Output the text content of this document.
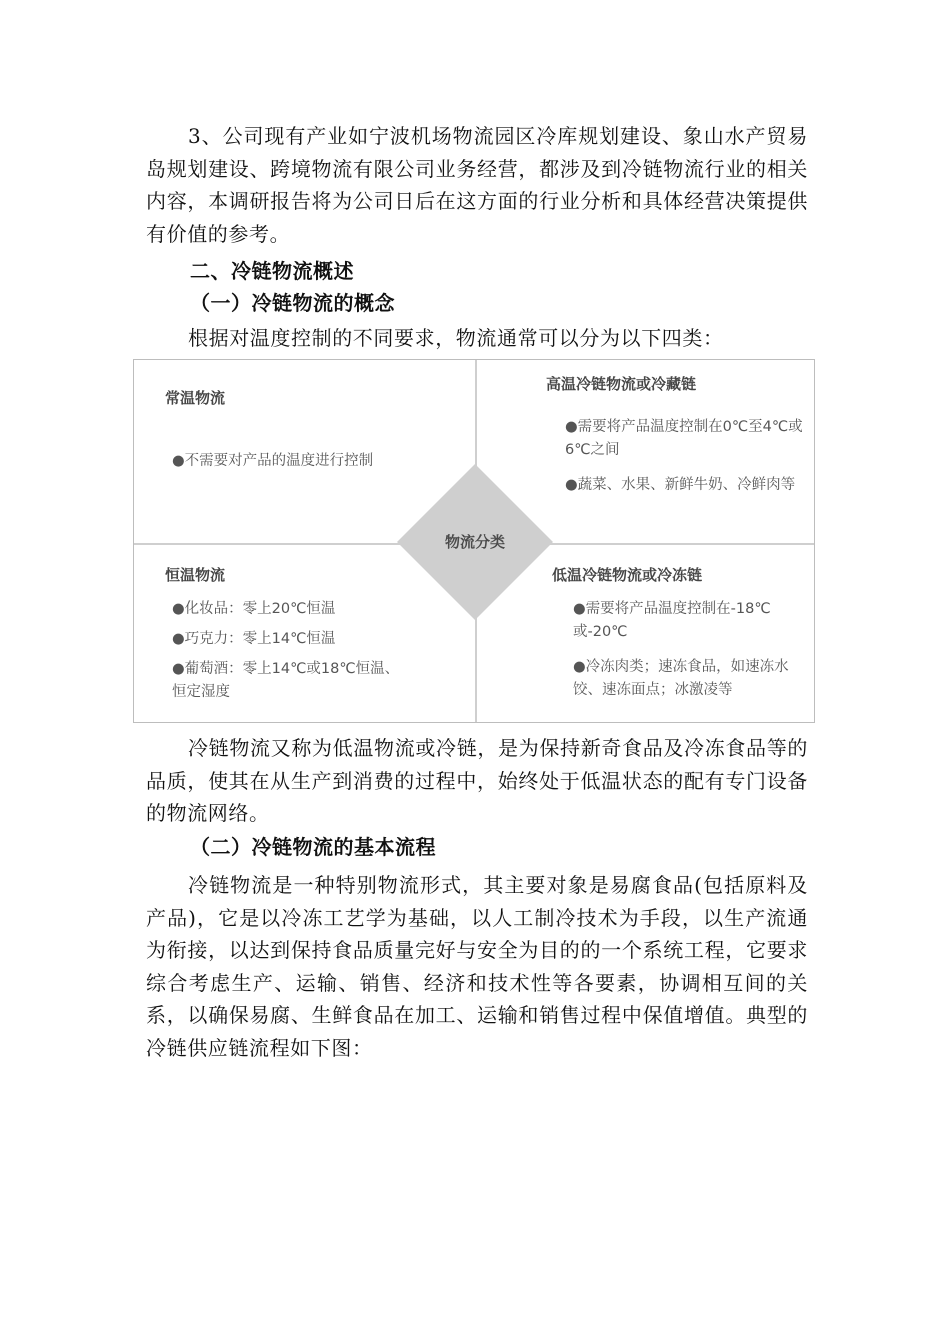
3、公司现有产业如宁波机场物流园区冷库规划建设、象山水产贸易岛规划建设、跨境物流有限公司业务经营，都涉及到冷链物流行业的相关内容，本调研报告将为公司日后在这方面的行业分析和具体经营决策提供有价值的参考。

二、冷链物流概述

（一）冷链物流的概念

根据对温度控制的不同要求，物流通常可以分为以下四类：

物流分类
常温物流
●不需要对产品的温度进行控制
高温冷链物流或冷藏链
●需要将产品温度控制在0℃至4℃或6℃之间
●蔬菜、水果、新鲜牛奶、冷鲜肉等
恒温物流
●化妆品：零上20℃恒温
●巧克力：零上14℃恒温
●葡萄酒：零上14℃或18℃恒温、恒定湿度
低温冷链物流或冷冻链
●需要将产品温度控制在-18℃或-20℃
●冷冻肉类；速冻食品，如速冻水饺、速冻面点；冰激凌等

冷链物流又称为低温物流或冷链，是为保持新奇食品及冷冻食品等的品质，使其在从生产到消费的过程中，始终处于低温状态的配有专门设备的物流网络。

（二）冷链物流的基本流程

冷链物流是一种特别物流形式，其主要对象是易腐食品(包括原料及产品)，它是以冷冻工艺学为基础，以人工制冷技术为手段，以生产流通为衔接，以达到保持食品质量完好与安全为目的的一个系统工程，它要求综合考虑生产、运输、销售、经济和技术性等各要素，协调相互间的关系，以确保易腐、生鲜食品在加工、运输和销售过程中保值增值。典型的冷链供应链流程如下图：
